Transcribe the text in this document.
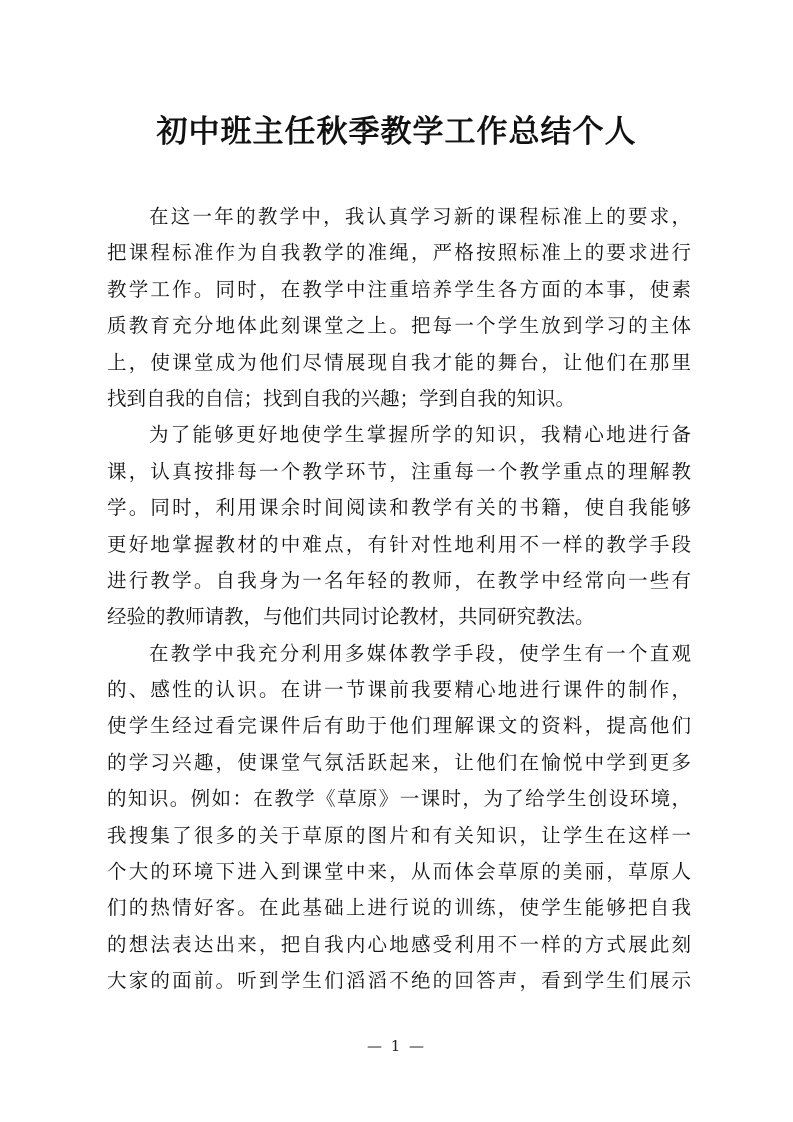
初中班主任秋季教学工作总结个人
在这一年的教学中，我认真学习新的课程标准上的要求，
把课程标准作为自我教学的准绳，严格按照标准上的要求进行
教学工作。同时，在教学中注重培养学生各方面的本事，使素
质教育充分地体此刻课堂之上。把每一个学生放到学习的主体
上，使课堂成为他们尽情展现自我才能的舞台，让他们在那里
找到自我的自信；找到自我的兴趣；学到自我的知识。
为了能够更好地使学生掌握所学的知识，我精心地进行备
课，认真按排每一个教学环节，注重每一个教学重点的理解教
学。同时，利用课余时间阅读和教学有关的书籍，使自我能够
更好地掌握教材的中难点，有针对性地利用不一样的教学手段
进行教学。自我身为一名年轻的教师，在教学中经常向一些有
经验的教师请教，与他们共同讨论教材，共同研究教法。
在教学中我充分利用多媒体教学手段，使学生有一个直观
的、感性的认识。在讲一节课前我要精心地进行课件的制作，
使学生经过看完课件后有助于他们理解课文的资料，提高他们
的学习兴趣，使课堂气氛活跃起来，让他们在愉悦中学到更多
的知识。例如：在教学《草原》一课时，为了给学生创设环境，
我搜集了很多的关于草原的图片和有关知识，让学生在这样一
个大的环境下进入到课堂中来，从而体会草原的美丽，草原人
们的热情好客。在此基础上进行说的训练，使学生能够把自我
的想法表达出来，把自我内心地感受利用不一样的方式展此刻
大家的面前。听到学生们滔滔不绝的回答声，看到学生们展示
— 1 —
